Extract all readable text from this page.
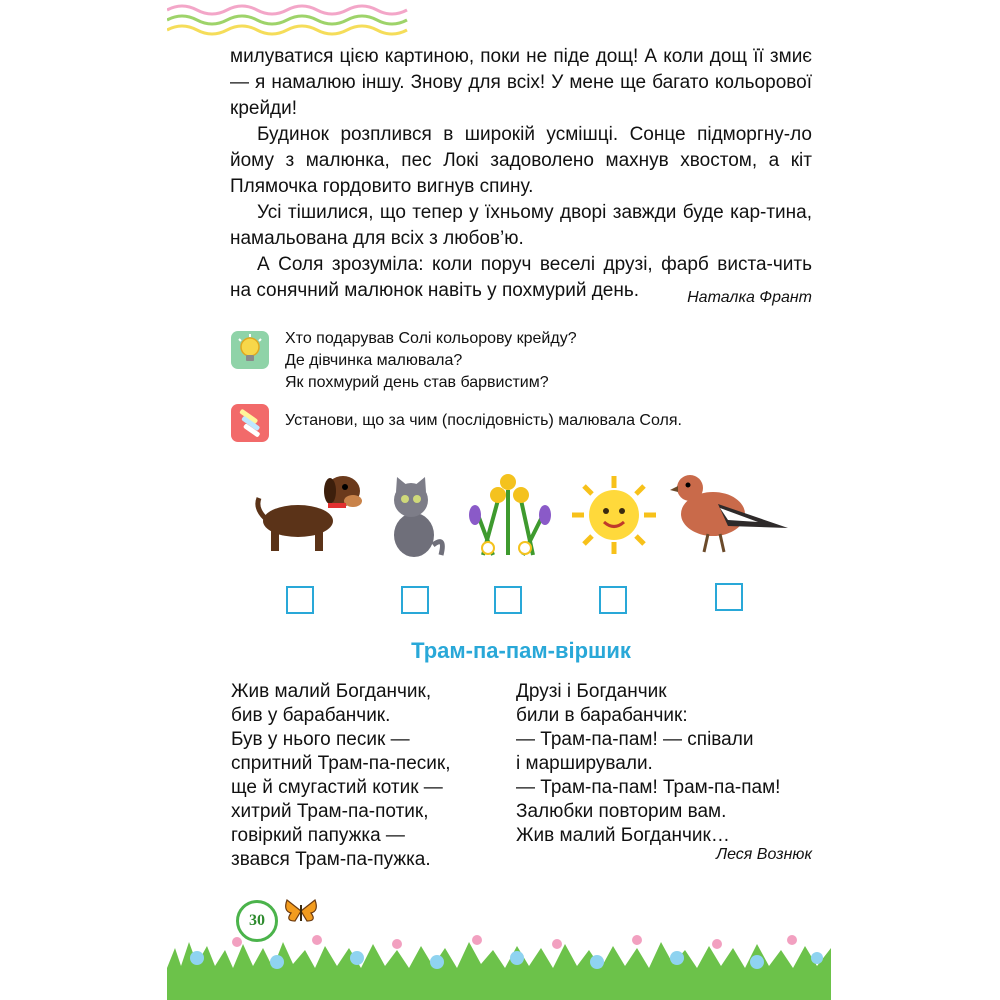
милуватися цією картиною, поки не піде дощ! А коли дощ її змиє — я намалюю іншу. Знову для всіх! У мене ще багато кольорової крейди!

Будинок розплився в широкій усмішці. Сонце підморгну-ло йому з малюнка, пес Локі задоволено махнув хвостом, а кіт Плямочка гордовито вигнув спину.

Усі тішилися, що тепер у їхньому дворі завжди буде кар-тина, намальована для всіх з любов’ю.

А Соля зрозуміла: коли поруч веселі друзі, фарб виста-чить на сонячний малюнок навіть у похмурий день.	Наталка Франт
Хто подарував Солі кольорову крейду?
Де дівчинка малювала?
Як похмурий день став барвистим?
Установи, що за чим (послідовність) малювала Соля.
Трам-па-пам-віршик
Жив малий Богданчик,
бив у барабанчик.
Був у нього песик —
спритний Трам-па-песик,
ще й смугастий котик —
хитрий Трам-па-потик,
говіркий папужка —
звався Трам-па-пужка.
Друзі і Богданчик
били в барабанчик:
— Трам-па-пам! — співали
і марширували.
— Трам-па-пам! Трам-па-пам!
Залюбки повторим вам.
Жив малий Богданчик…
Леся Вознюк
30
